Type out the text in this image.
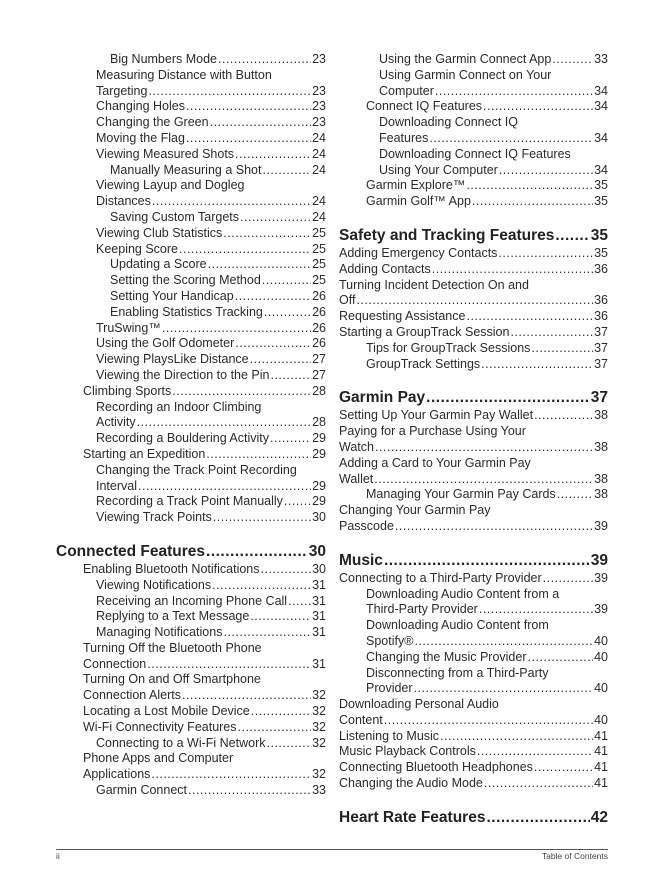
Big Numbers Mode .....	23
Measuring Distance with Button
Targeting .....	23
Changing Holes .....	23
Changing the Green .....	23
Moving the Flag .....	24
Viewing Measured Shots .....	24
Manually Measuring a Shot .....	24
Viewing Layup and Dogleg
Distances .....	24
Saving Custom Targets .....	24
Viewing Club Statistics .....	25
Keeping Score .....	25
Updating a Score .....	25
Setting the Scoring Method .....	25
Setting Your Handicap .....	26
Enabling Statistics Tracking .....	26
TruSwing™ .....	26
Using the Golf Odometer .....	26
Viewing PlaysLike Distance .....	27
Viewing the Direction to the Pin .....	27
Climbing Sports .....	28
Recording an Indoor Climbing
Activity .....	28
Recording a Bouldering Activity .....	29
Starting an Expedition .....	29
Changing the Track Point Recording
Interval .....	29
Recording a Track Point Manually ..... 29
Viewing Track Points .....	30
Connected Features .....	30
Enabling Bluetooth Notifications .....	30
Viewing Notifications .....	31
Receiving an Incoming Phone Call ..... 31
Replying to a Text Message .....	31
Managing Notifications .....	31
Turning Off the Bluetooth Phone
Connection .....	31
Turning On and Off Smartphone
Connection Alerts .....	32
Locating a Lost Mobile Device .....	32
Wi-Fi Connectivity Features .....	32
Connecting to a Wi-Fi Network .....	32
Phone Apps and Computer
Applications .....	32
Garmin Connect .....	33
Using the Garmin Connect App .....	33
Using Garmin Connect on Your
Computer .....	34
Connect IQ Features .....	34
Downloading Connect IQ
Features .....	34
Downloading Connect IQ Features
Using Your Computer .....	34
Garmin Explore™ .....	35
Garmin Golf™ App .....	35
Safety and Tracking Features ..... 35
Adding Emergency Contacts .....	35
Adding Contacts .....	36
Turning Incident Detection On and
Off .....	36
Requesting Assistance .....	36
Starting a GroupTrack Session .....	37
Tips for GroupTrack Sessions .....	37
GroupTrack Settings .....	37
Garmin Pay .....	37
Setting Up Your Garmin Pay Wallet .....	38
Paying for a Purchase Using Your
Watch .....	38
Adding a Card to Your Garmin Pay
Wallet .....	38
Managing Your Garmin Pay Cards .....	38
Changing Your Garmin Pay
Passcode .....	39
Music .....	39
Connecting to a Third-Party Provider .....	39
Downloading Audio Content from a
Third-Party Provider .....	39
Downloading Audio Content from
Spotify® .....	40
Changing the Music Provider .....	40
Disconnecting from a Third-Party
Provider .....	40
Downloading Personal Audio
Content .....	40
Listening to Music .....	41
Music Playback Controls .....	41
Connecting Bluetooth Headphones .....	41
Changing the Audio Mode .....	41
Heart Rate Features .....	42
ii	Table of Contents
